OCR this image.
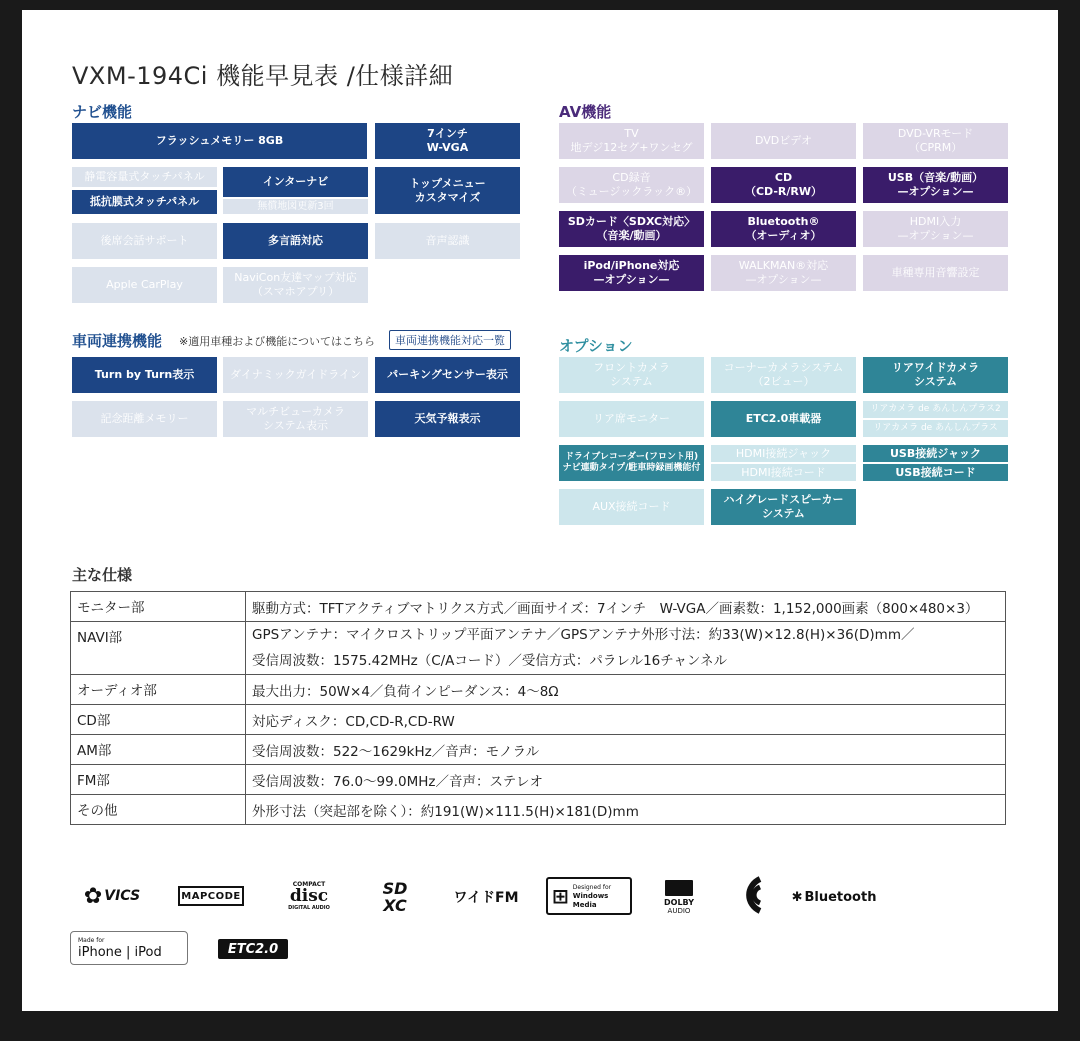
VXM-194Ci 機能早見表 /仕様詳細
ナビ機能
フラッシュメモリー 8GB
7インチ
W-VGA
静電容量式タッチパネル
抵抗膜式タッチパネル
インターナビ
無償地図更新3回
トップメニュー
カスタマイズ
後席会話サポート	多言語対応	音声認識
Apple CarPlay
NaviCon友達マップ対応
（スマホアプリ）
車両連携機能 ※適用車種および機能についてはこちら	車両連携機能対応一覧
Turn by Turn表示	ダイナミックガイドライン	パーキングセンサー表示
記念距離メモリー
マルチビューカメラ
システム表示
天気予報表示
AV機能
TV
地デジ12セグ+ワンセグ
DVDビデオ
DVD-VRモード
（CPRM）
CD録音
（ミュージックラック®）
CD
（CD-R/RW）
USB（音楽/動画）
—オプション—
SDカード〈SDXC対応〉
（音楽/動画）
Bluetooth®
（オーディオ）
HDMI入力
—オプション—
iPod/iPhone対応
—オプション—
WALKMAN®対応
—オプション—
車種専用音響設定
オプション
フロントカメラ
システム
コーナーカメラシステム
（2ビュー）
リアワイドカメラ
システム
リア席モニター	ETC2.0車載器
リアカメラ de あんしんプラス2
リアカメラ de あんしんプラス
ドライブレコーダー(フロント用)
ナビ連動タイプ/駐車時録画機能付
HDMI接続ジャック
HDMI接続コード
USB接続ジャック
USB接続コード
AUX接続コード
ハイグレードスピーカー
システム
主な仕様
モニター部	駆動方式：TFTアクティブマトリクス方式／画面サイズ：7インチ　W-VGA／画素数：1,152,000画素（800×480×3）
NAVI部	GPSアンテナ：マイクロストリップ平面アンテナ／GPSアンテナ外形寸法：約33(W)×12.8(H)×36(D)mm／
受信周波数：1575.42MHz（C/Aコード）／受信方式：パラレル16チャンネル

オーディオ部	最大出力：50W×4／負荷インピーダンス：4～8Ω
CD部	対応ディスク：CD,CD-R,CD-RW
AM部	受信周波数：522～1629kHz／音声：モノラル
FM部	受信周波数：76.0～99.0MHz／音声：ステレオ
その他	外形寸法（突起部を除く）：約191(W)×111.5(H)×181(D)mm
✿ VICS	MAPCODE
COMPACT
disc
DIGITAL AUDIO
SD
XC	ワイドFM ⊞ Designed for
Windows Media	DOLBY
AUDIO
✱ Bluetooth
Made for
iPhone | iPod	ETC2.0
